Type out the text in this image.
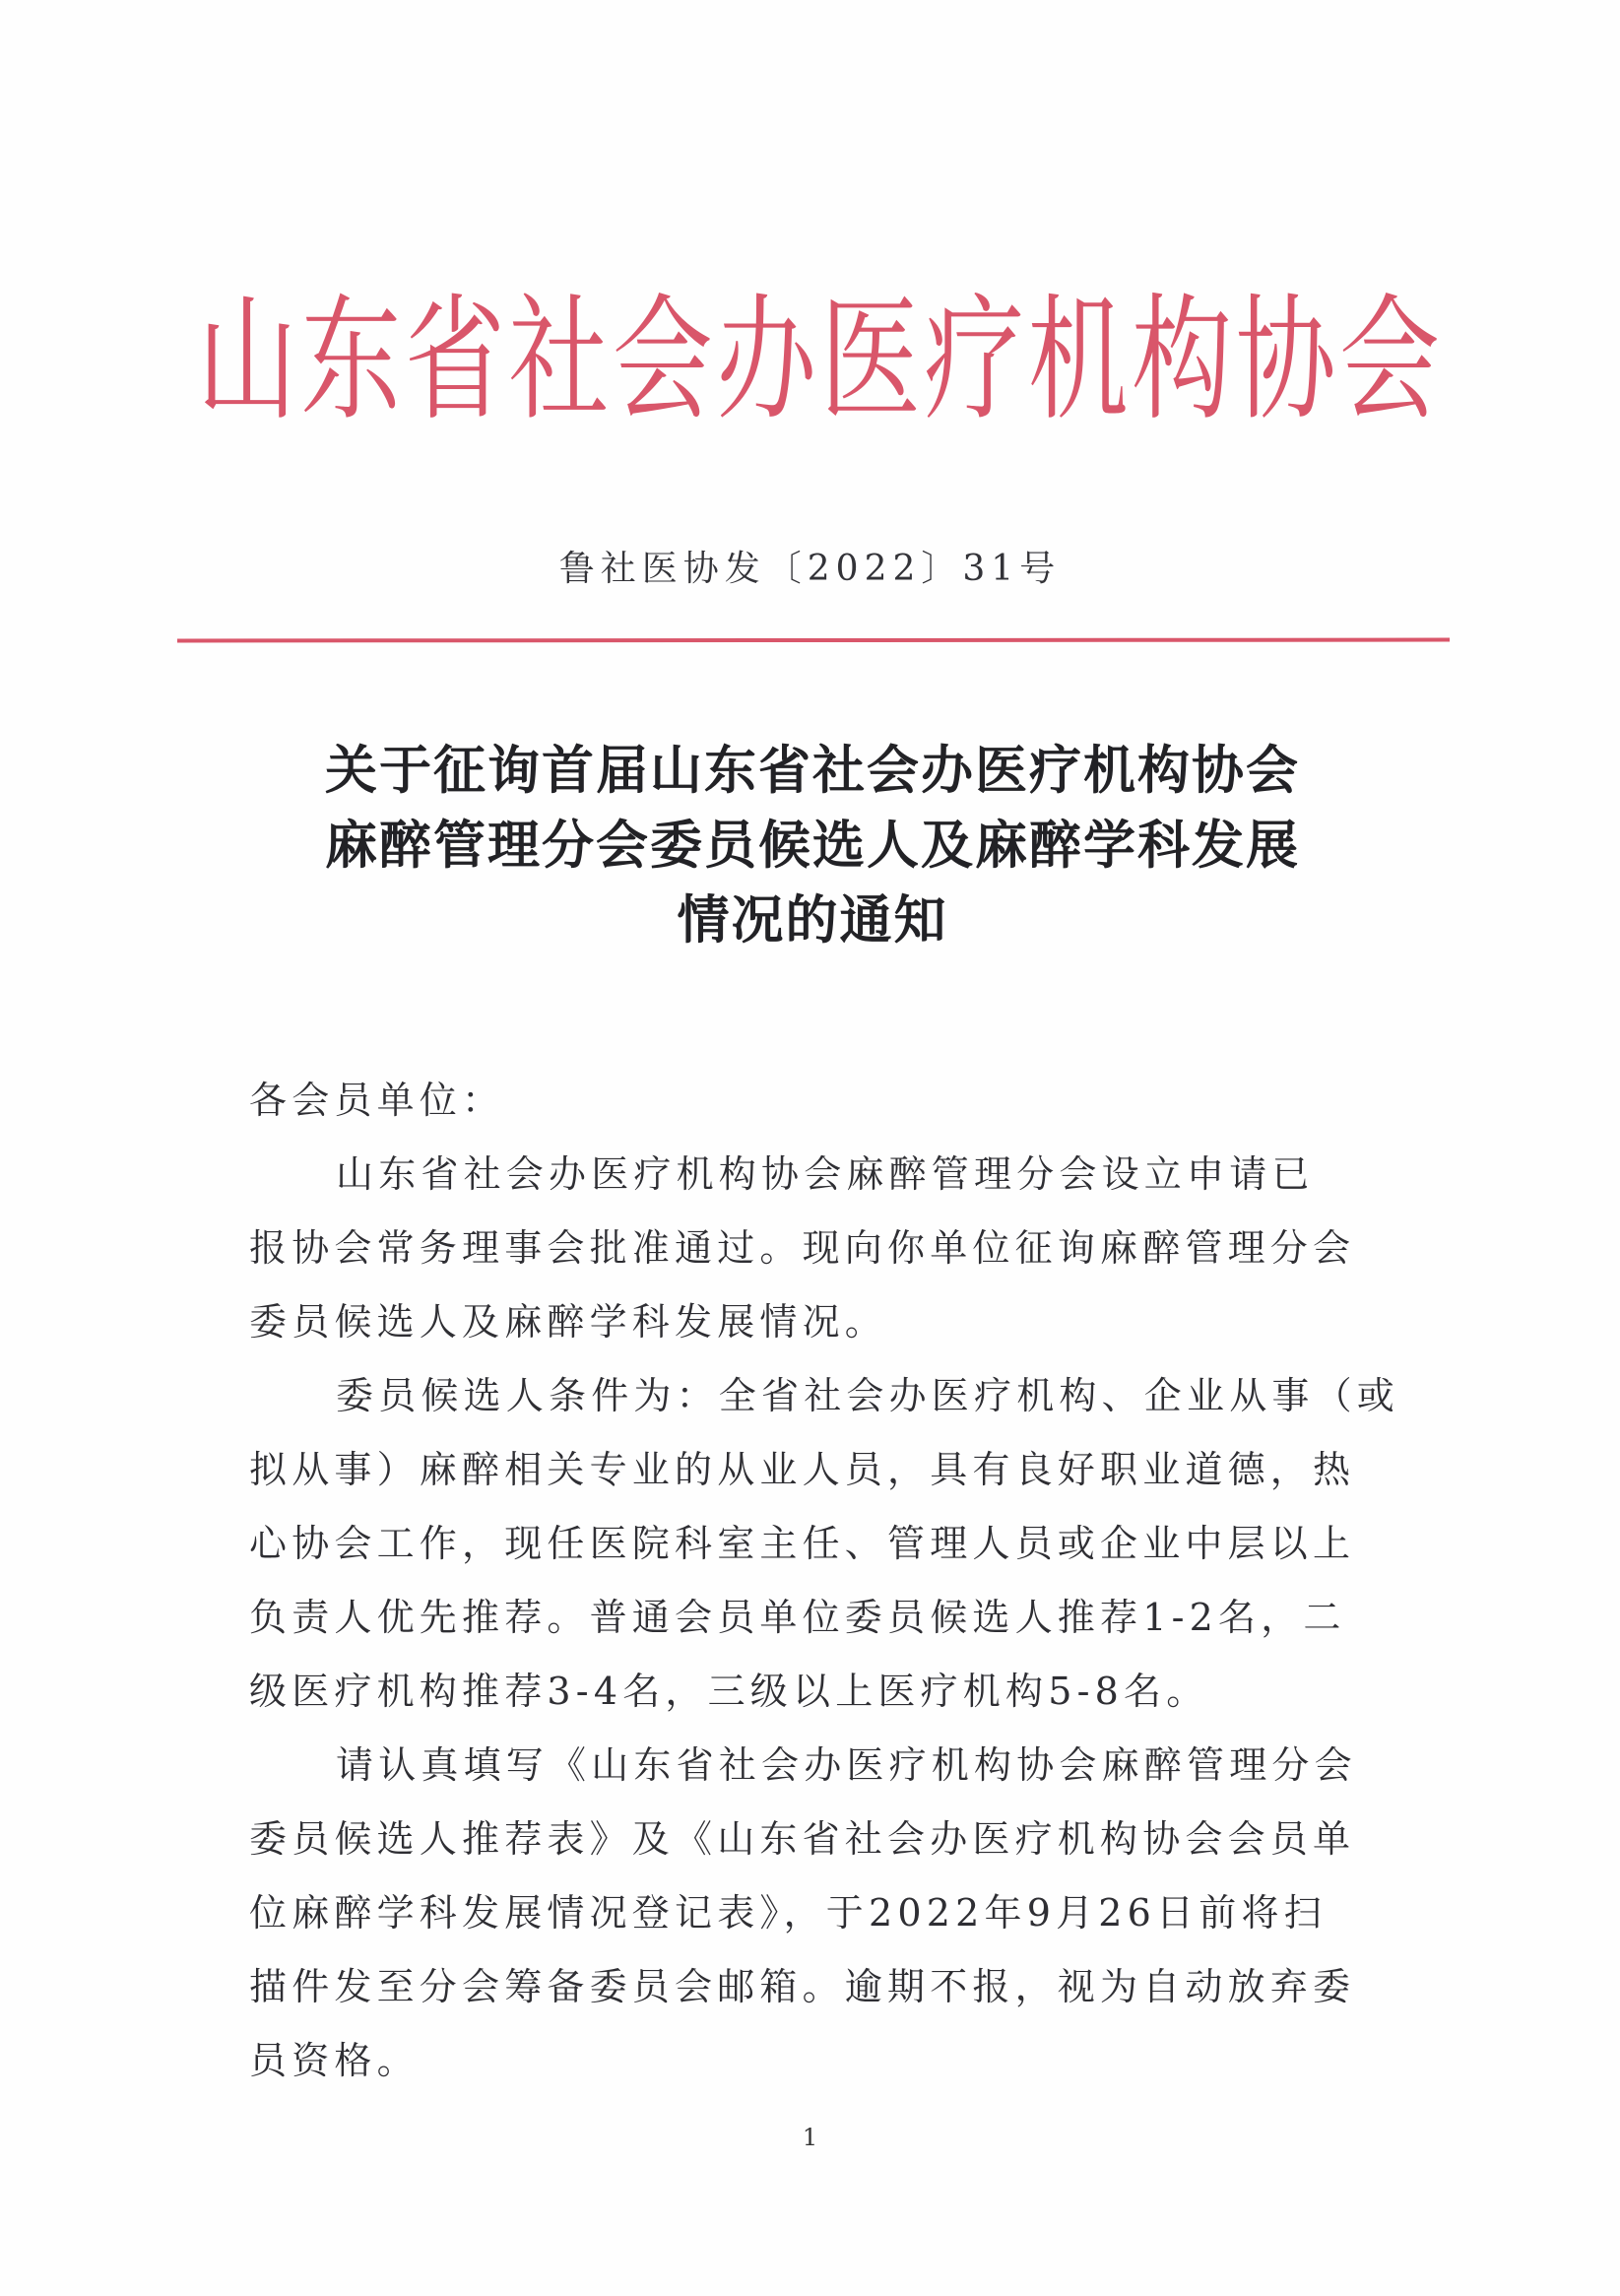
山 东 省 社 会 办 医 疗 机 构 协 会
鲁社医协发〔2022〕31号
关于征询首届山东省社会办医疗机构协会
麻醉管理分会委员候选人及麻醉学科发展
情况的通知
各会员单位：
山东省社会办医疗机构协会麻醉管理分会设立申请已
报协会常务理事会批准通过。现向你单位征询麻醉管理分会
委员候选人及麻醉学科发展情况。
委员候选人条件为：全省社会办医疗机构、企业从事（或
拟从事）麻醉相关专业的从业人员，具有良好职业道德，热
心协会工作，现任医院科室主任、管理人员或企业中层以上
负责人优先推荐。普通会员单位委员候选人推荐1-2名，二
级医疗机构推荐3-4名，三级以上医疗机构5-8名。
请认真填写《山东省社会办医疗机构协会麻醉管理分会
委员候选人推荐表》及《山东省社会办医疗机构协会会员单
位麻醉学科发展情况登记表》，于2022年9月26日前将扫
描件发至分会筹备委员会邮箱。逾期不报，视为自动放弃委
员资格。
1
